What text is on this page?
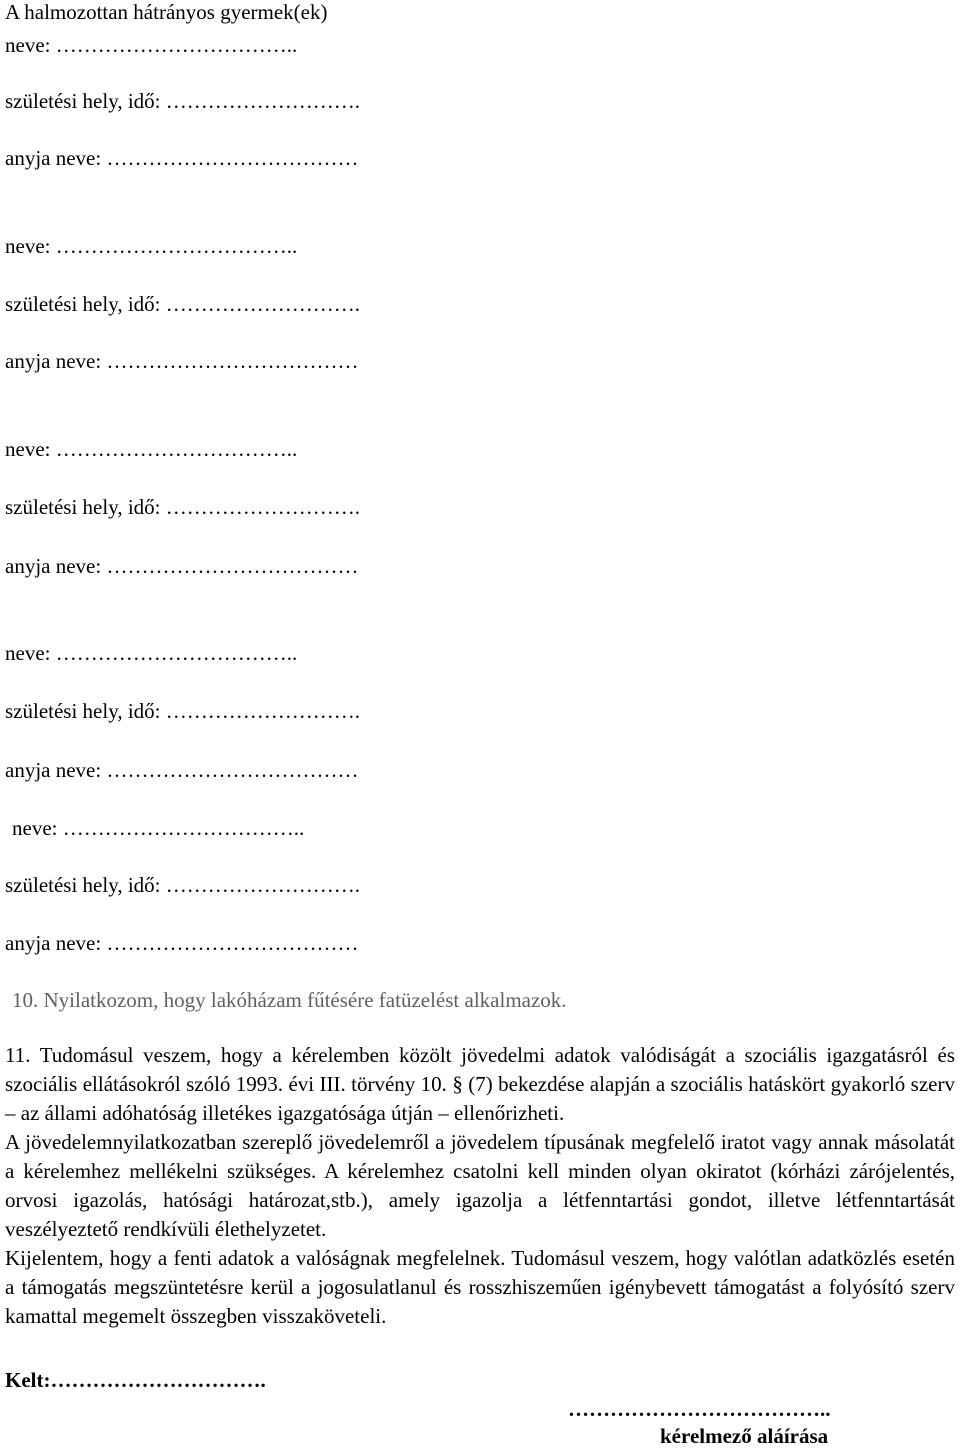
A halmozottan hátrányos gyermek(ek)
neve: ……………………………..
születési hely, idő: ……………………….
anyja neve: ………………………………
neve: ……………………………..
születési hely, idő: ……………………….
anyja neve: ………………………………
neve: ……………………………..
születési hely, idő: ……………………….
anyja neve: ………………………………
neve: ……………………………..
születési hely, idő: ……………………….
anyja neve: ………………………………
neve: ……………………………..
születési hely, idő: ……………………….
anyja neve: ………………………………
10. Nyilatkozom, hogy lakóházam fűtésére fatüzelést alkalmazok.
11. Tudomásul veszem, hogy a kérelemben közölt jövedelmi adatok valódiságát a szociális igazgatásról és szociális ellátásokról szóló 1993. évi III. törvény 10. § (7) bekezdése alapján a szociális hatáskört gyakorló szerv – az állami adóhatóság illetékes igazgatósága útján – ellenőrizheti.
A jövedelemnyilatkozatban szereplő jövedelemről a jövedelem típusának megfelelő iratot vagy annak másolatát a kérelemhez mellékelni szükséges. A kérelemhez csatolni kell minden olyan okiratot (kórházi zárójelentés, orvosi igazolás, hatósági határozat,stb.), amely igazolja a létfenntartási gondot, illetve létfenntartását veszélyeztető rendkívüli élethelyzetet.
Kijelentem, hogy a fenti adatok a valóságnak megfelelnek. Tudomásul veszem, hogy valótlan adatközlés esetén a támogatás megszüntetésre kerül a jogosulatlanul és rosszhiszeműen igénybevett támogatást a folyósító szerv kamattal megemelt összegben visszaköveteli.
Kelt:………………………….
………………………………..
kérelmező aláírása
